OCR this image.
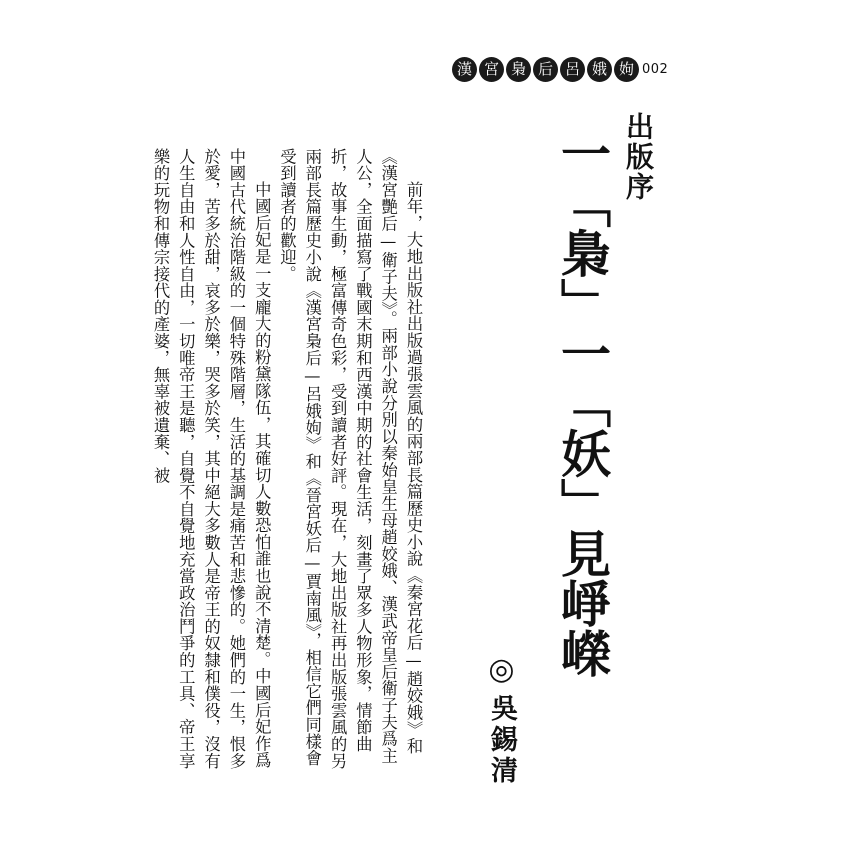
漢 宮 梟 后 呂 娥 姁 002
出版序
一「梟」一「妖」見崢嶸
◎
吳錫清

前年，大地出版社出版過張雲風的兩部長篇歷史小說《秦宮花后—趙姣娥》和《漢宮艷后—衛子夫》。兩部小說分別以秦始皇生母趙姣娥、漢武帝皇后衛子夫爲主人公，全面描寫了戰國末期和西漢中期的社會生活，刻畫了眾多人物形象，情節曲折，故事生動，極富傳奇色彩，受到讀者好評。現在，大地出版社再出版張雲風的另兩部長篇歷史小說《漢宮梟后—呂娥姁》和《晉宮妖后—賈南風》，相信它們同樣會受到讀者的歡迎。

中國后妃是一支龐大的粉黛隊伍，其確切人數恐怕誰也說不清楚。中國后妃作爲中國古代統治階級的一個特殊階層，生活的基調是痛苦和悲慘的。她們的一生，恨多於愛，苦多於甜，哀多於樂，哭多於笑，其中絕大多數人是帝王的奴隸和僕役，沒有人生自由和人性自由，一切唯帝王是聽，自覺不自覺地充當政治鬥爭的工具、帝王享樂的玩物和傳宗接代的產婆，無辜被遺棄、被
